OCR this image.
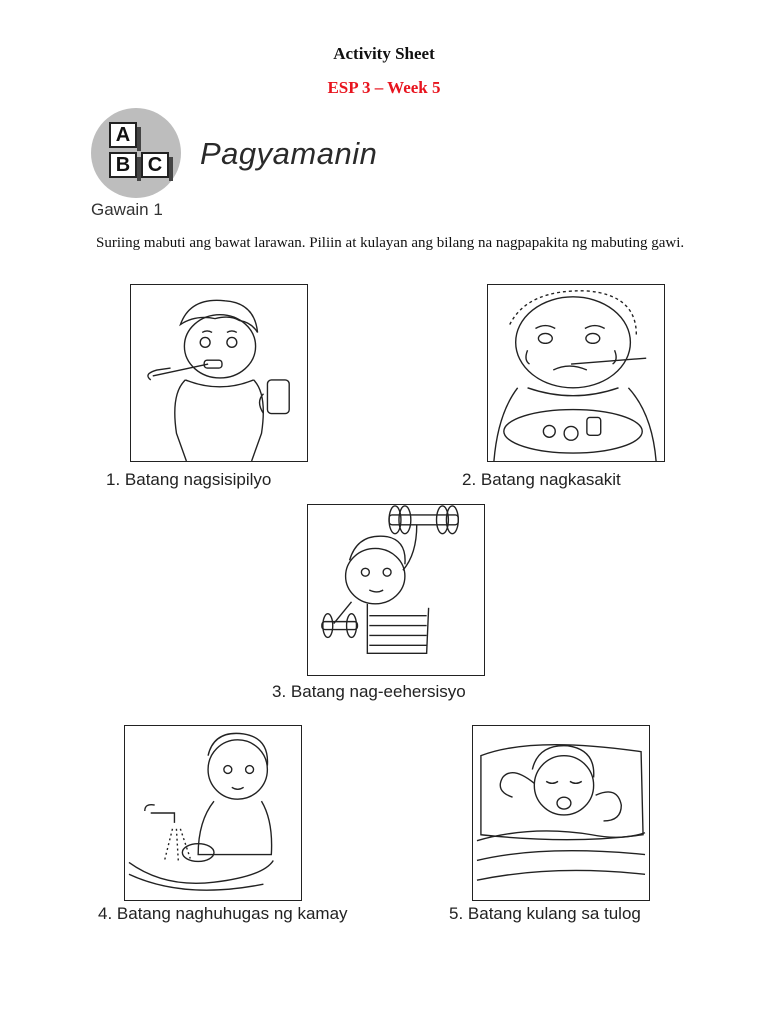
Activity Sheet
ESP 3 – Week 5
A
B C Pagyamanin
Gawain 1
Suriing mabuti ang bawat larawan. Piliin at kulayan ang bilang na nagpapakita ng mabuting gawi.
1. Batang nagsisipilyo	2. Batang nagkasakit
3. Batang nag-eehersisyo
4. Batang naghuhugas ng kamay	5. Batang kulang sa tulog
